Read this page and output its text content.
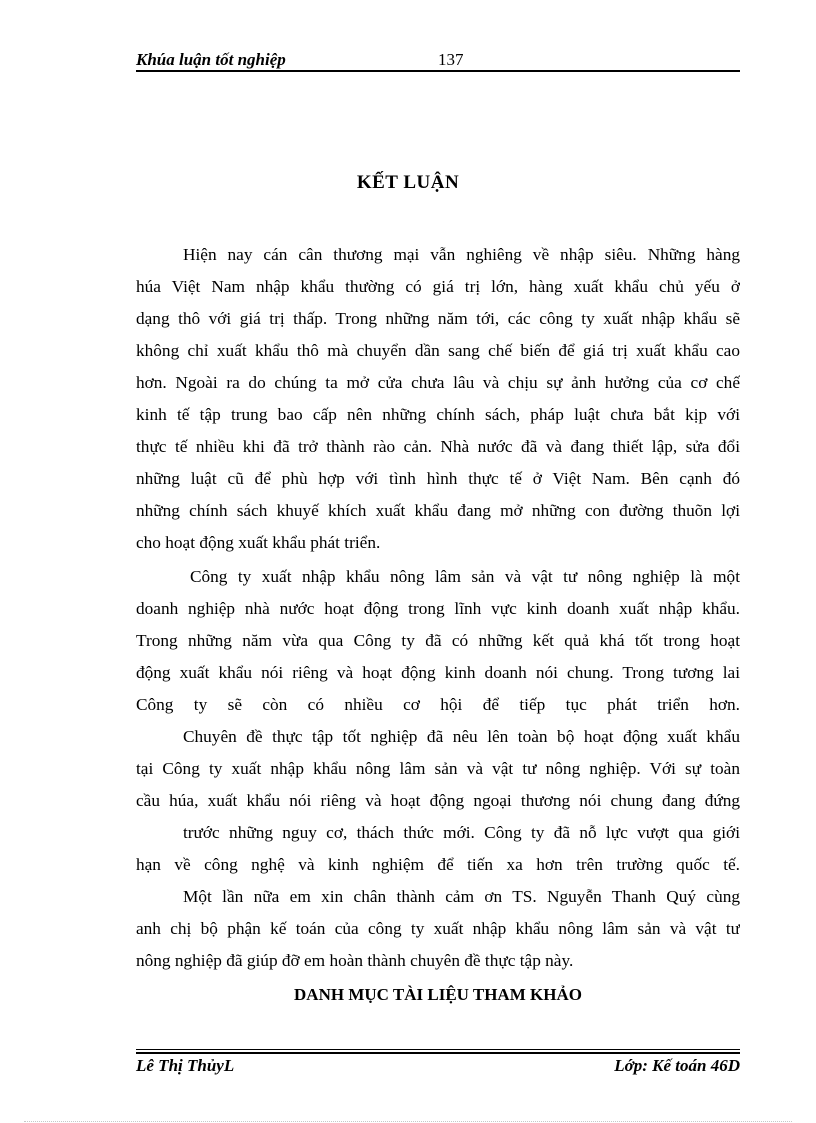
Khúa luận tốt nghiệp	137
KẾT LUẬN
Hiện nay cán cân thương mại vẫn nghiêng về nhập siêu. Những hàng
húa Việt Nam nhập khẩu thường có giá trị lớn, hàng xuất khẩu chủ yếu ở
dạng thô với giá trị thấp. Trong những năm tới, các công ty xuất nhập khẩu sẽ
không chỉ xuất khẩu thô mà chuyển dần sang chế biến để giá trị xuất khẩu cao
hơn. Ngoài ra do chúng ta mở cửa chưa lâu và chịu sự ảnh hưởng của cơ chế
kinh tế tập trung bao cấp nên những chính sách, pháp luật chưa bắt kịp với
thực tế nhiều khi đã trở thành rào cản. Nhà nước đã và đang thiết lập, sửa đổi
những luật cũ để phù hợp với tình hình thực tế ở Việt Nam. Bên cạnh đó
những chính sách khuyế khích xuất khẩu đang mở những con đường thuõn lợi
cho hoạt động xuất khẩu phát triển.
Công ty xuất nhập khẩu nông lâm sản và vật tư nông nghiệp là một
doanh nghiệp nhà nước hoạt động trong lĩnh vực kinh doanh xuất nhập khẩu.
Trong những năm vừa qua Công ty đã có những kết quả khá tốt trong hoạt
động xuất khẩu nói riêng và hoạt động kinh doanh nói chung. Trong tương lai
Công ty sẽ còn có nhiều cơ hội để tiếp tục phát triển hơn.
Chuyên đề thực tập tốt nghiệp đã nêu lên toàn bộ hoạt động xuất khẩu
tại Công ty xuất nhập khẩu nông lâm sản và vật tư nông nghiệp. Với sự toàn
cầu húa, xuất khẩu nói riêng và hoạt động ngoại thương nói chung đang đứng
trước những nguy cơ, thách thức mới. Công ty đã nỗ lực vượt qua giới
hạn về công nghệ và kinh nghiệm để tiến xa hơn trên trường quốc tế.
Một lần nữa em xin chân thành cảm ơn TS. Nguyễn Thanh Quý cùng
anh chị bộ phận kế toán của công ty xuất nhập khẩu nông lâm sản và vật tư
nông nghiệp đã giúp đỡ em hoàn thành chuyên đề thực tập này.
DANH MỤC TÀI LIỆU THAM KHẢO
Lê Thị ThủyL	Lớp: Kế toán 46D
